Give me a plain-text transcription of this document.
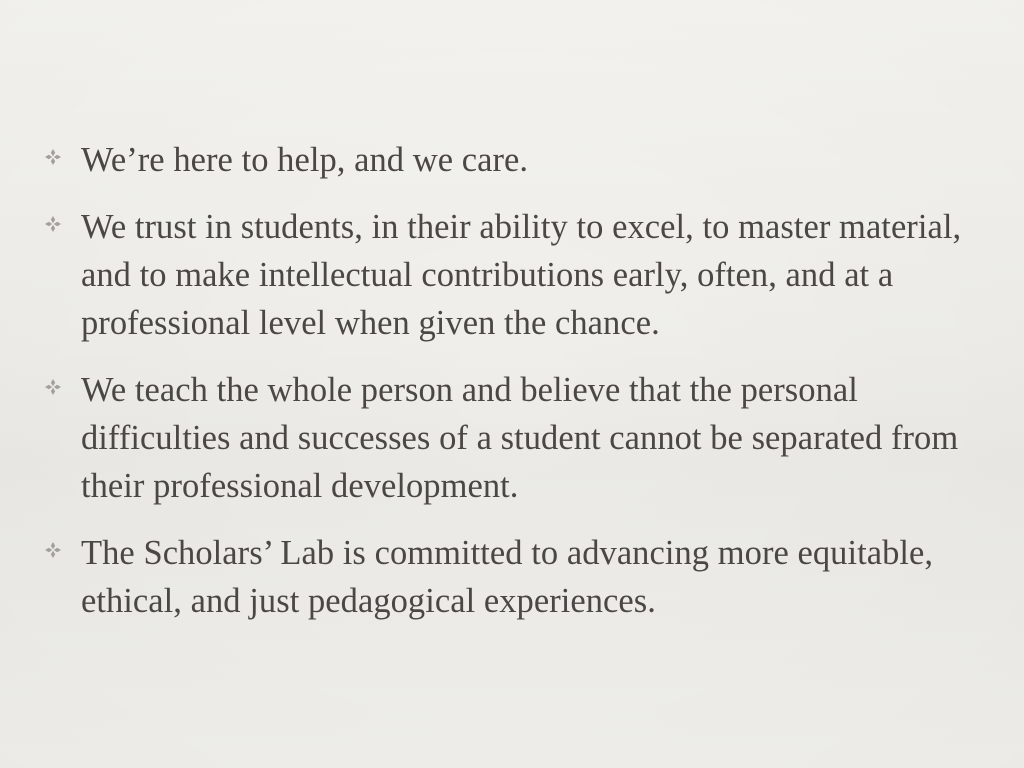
We’re here to help, and we care.
We trust in students, in their ability to excel, to master material, and to make intellectual contributions early, often, and at a professional level when given the chance.
We teach the whole person and believe that the personal difficulties and successes of a student cannot be separated from their professional development.
The Scholars’ Lab is committed to advancing more equitable, ethical, and just pedagogical experiences.
